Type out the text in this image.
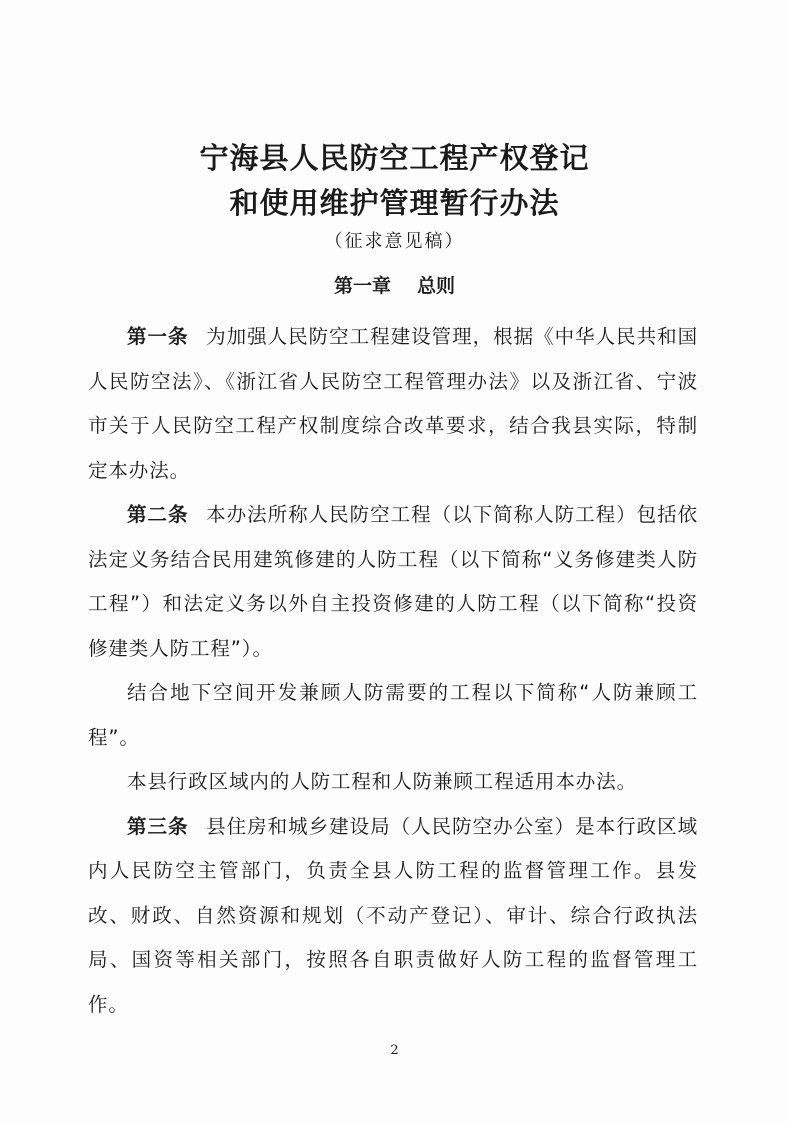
宁海县人民防空工程产权登记
和使用维护管理暂行办法
（征求意见稿）
第一章 总则

第一条 为加强人民防空工程建设管理，根据《中华人民共和国人民防空法》、《浙江省人民防空工程管理办法》以及浙江省、宁波市关于人民防空工程产权制度综合改革要求，结合我县实际，特制定本办法。

第二条 本办法所称人民防空工程（以下简称人防工程）包括依法定义务结合民用建筑修建的人防工程（以下简称“义务修建类人防工程”）和法定义务以外自主投资修建的人防工程（以下简称“投资修建类人防工程”）。

结合地下空间开发兼顾人防需要的工程以下简称“人防兼顾工程”。

本县行政区域内的人防工程和人防兼顾工程适用本办法。

第三条 县住房和城乡建设局（人民防空办公室）是本行政区域内人民防空主管部门，负责全县人防工程的监督管理工作。县发改、财政、自然资源和规划（不动产登记）、审计、综合行政执法局、国资等相关部门，按照各自职责做好人防工程的监督管理工作。

2
